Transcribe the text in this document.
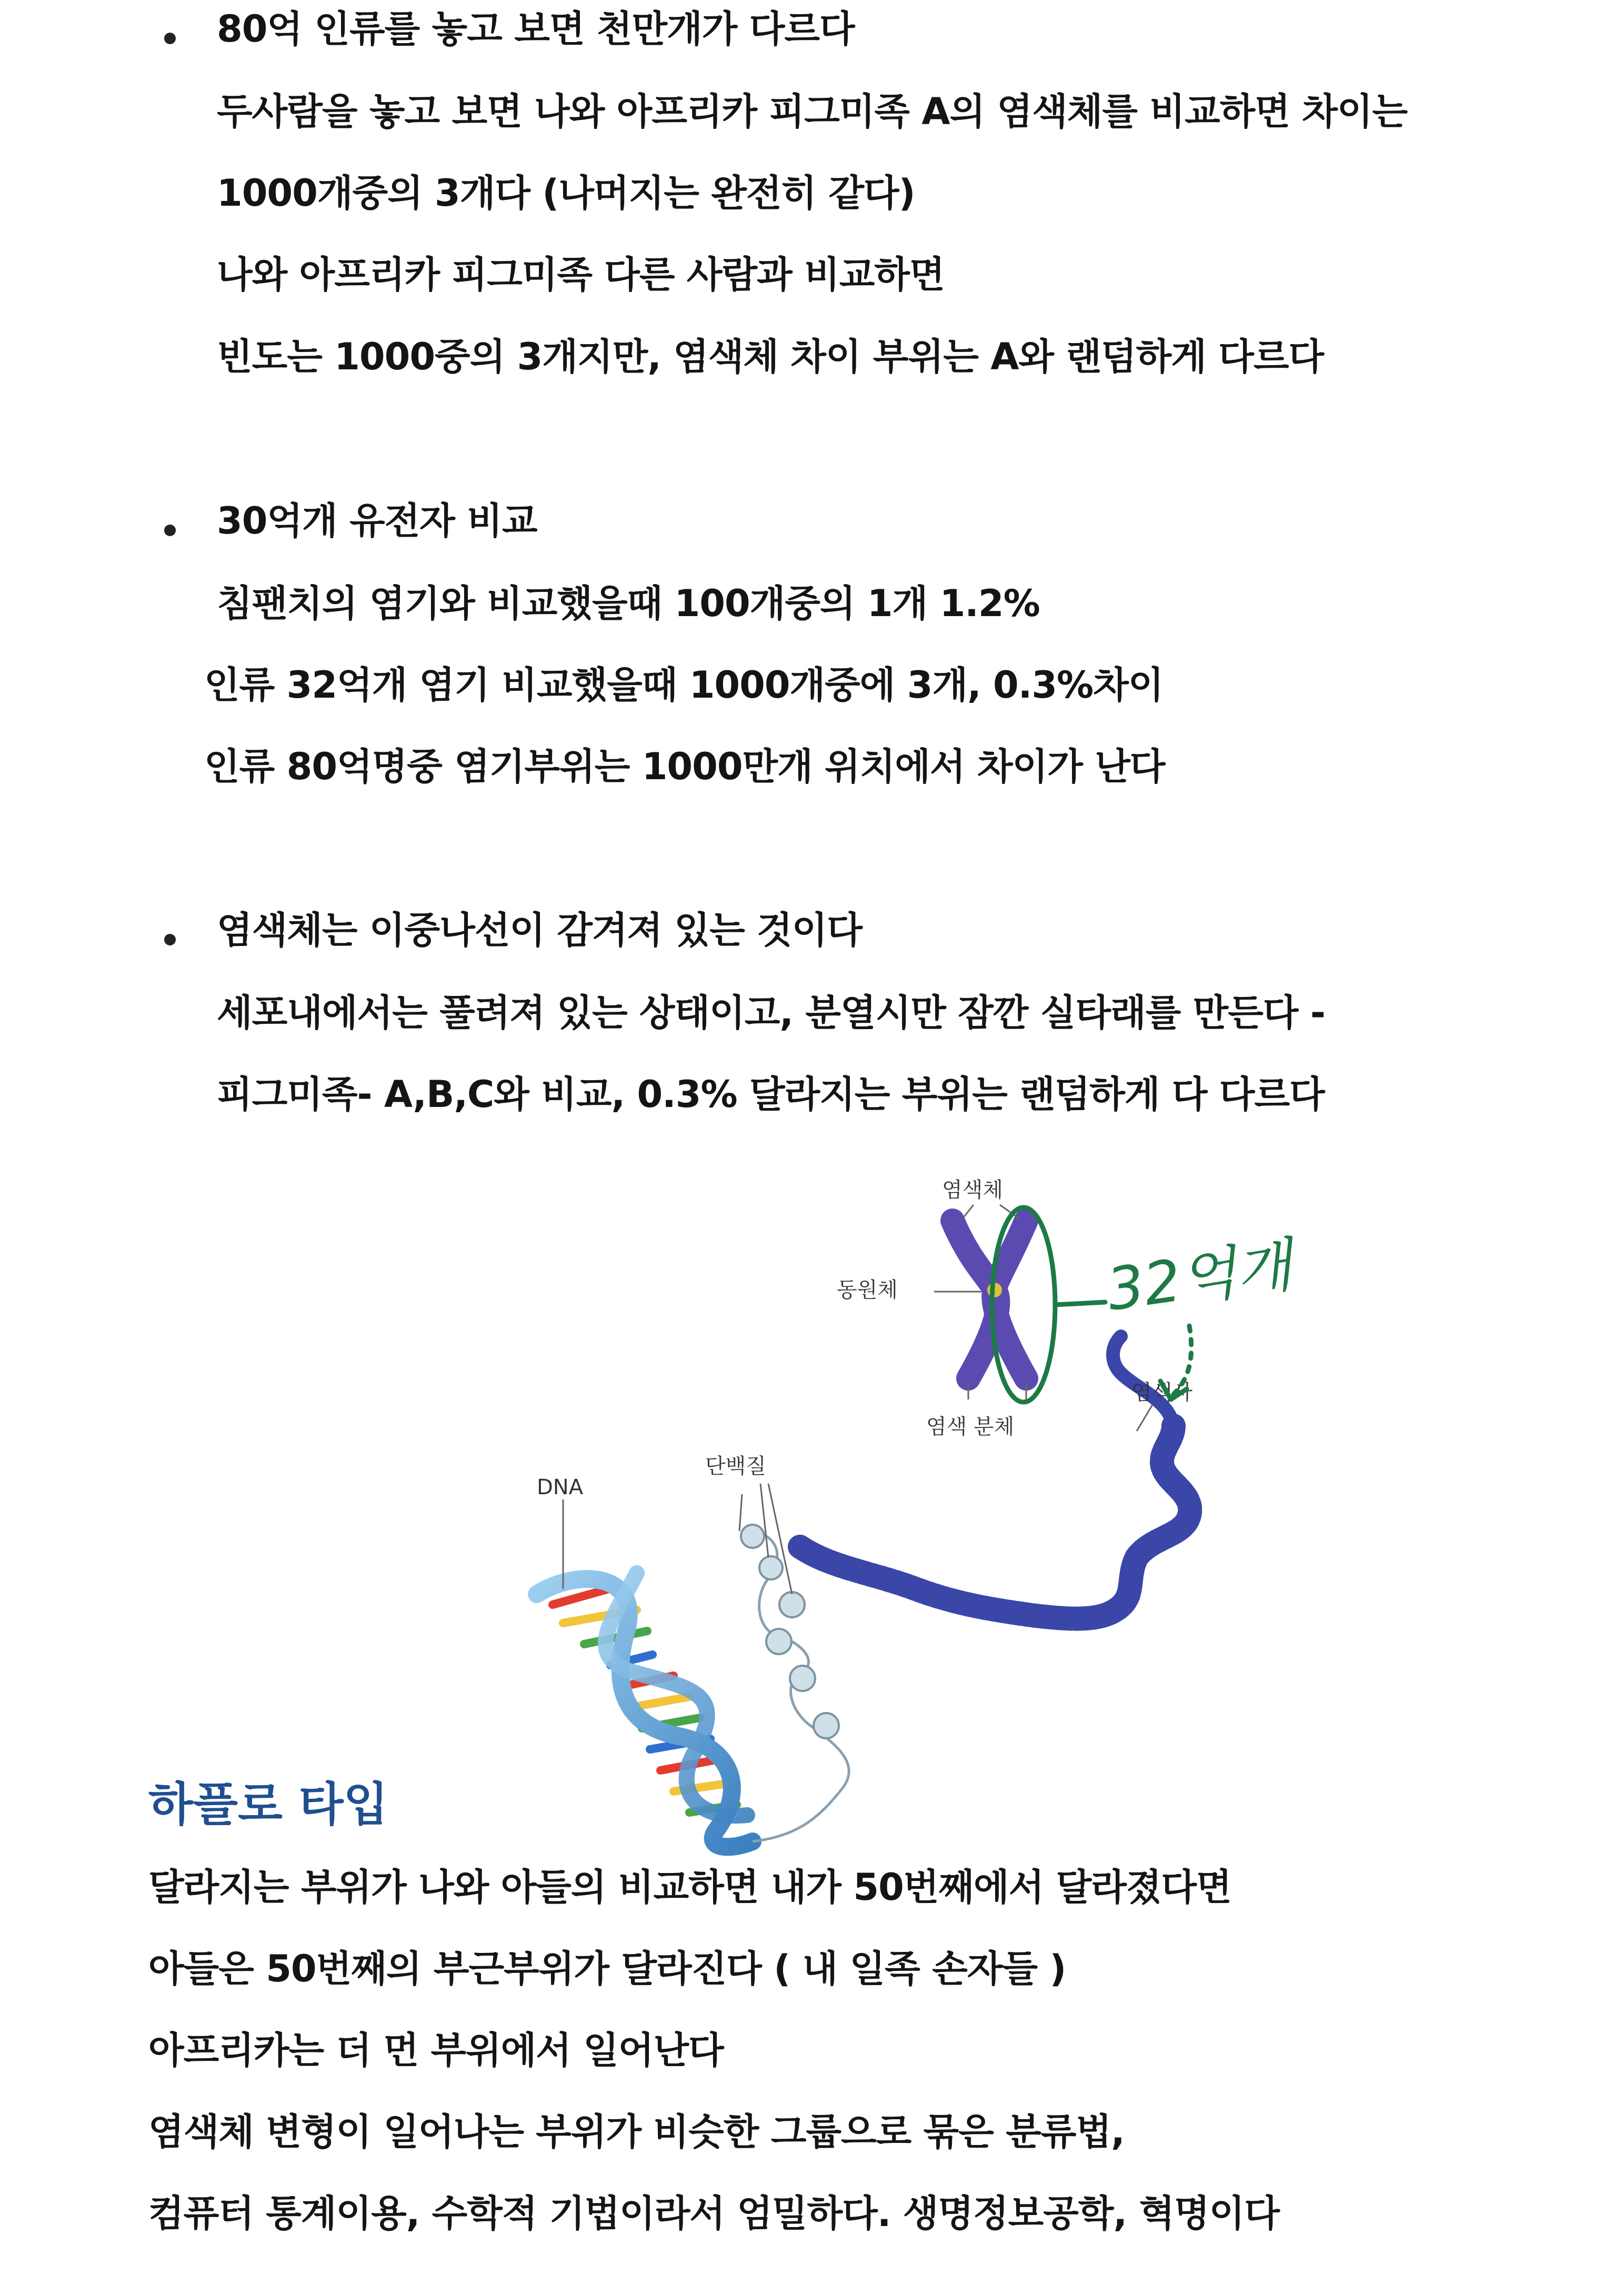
80억 인류를 놓고 보면 천만개가 다르다
두사람을 놓고 보면 나와 아프리카 피그미족 A의 염색체를 비교하면 차이는
1000개중의 3개다 (나머지는 완전히 같다)
나와 아프리카 피그미족 다른 사람과 비교하면
빈도는 1000중의 3개지만, 염색체 차이 부위는 A와 랜덤하게 다르다
30억개 유전자 비교
침팬치의 염기와 비교했을때 100개중의 1개 1.2%
인류 32억개 염기 비교했을때 1000개중에 3개, 0.3%차이
인류 80억명중 염기부위는 1000만개 위치에서 차이가 난다
염색체는 이중나선이 감겨져 있는 것이다
세포내에서는 풀려져 있는 상태이고, 분열시만 잠깐 실타래를 만든다 -
피그미족- A,B,C와 비교, 0.3% 달라지는 부위는 랜덤하게 다 다르다
염색체
동원체
염색 분체
염색사
단백질
DNA
32억개
하플로 타입
달라지는 부위가 나와 아들의 비교하면 내가 50번째에서 달라졌다면
아들은 50번째의 부근부위가 달라진다 ( 내 일족 손자들 )
아프리카는 더 먼 부위에서 일어난다
염색체 변형이 일어나는 부위가 비슷한 그룹으로 묶은 분류법,
컴퓨터 통계이용, 수학적 기법이라서 엄밀하다. 생명정보공학, 혁명이다
